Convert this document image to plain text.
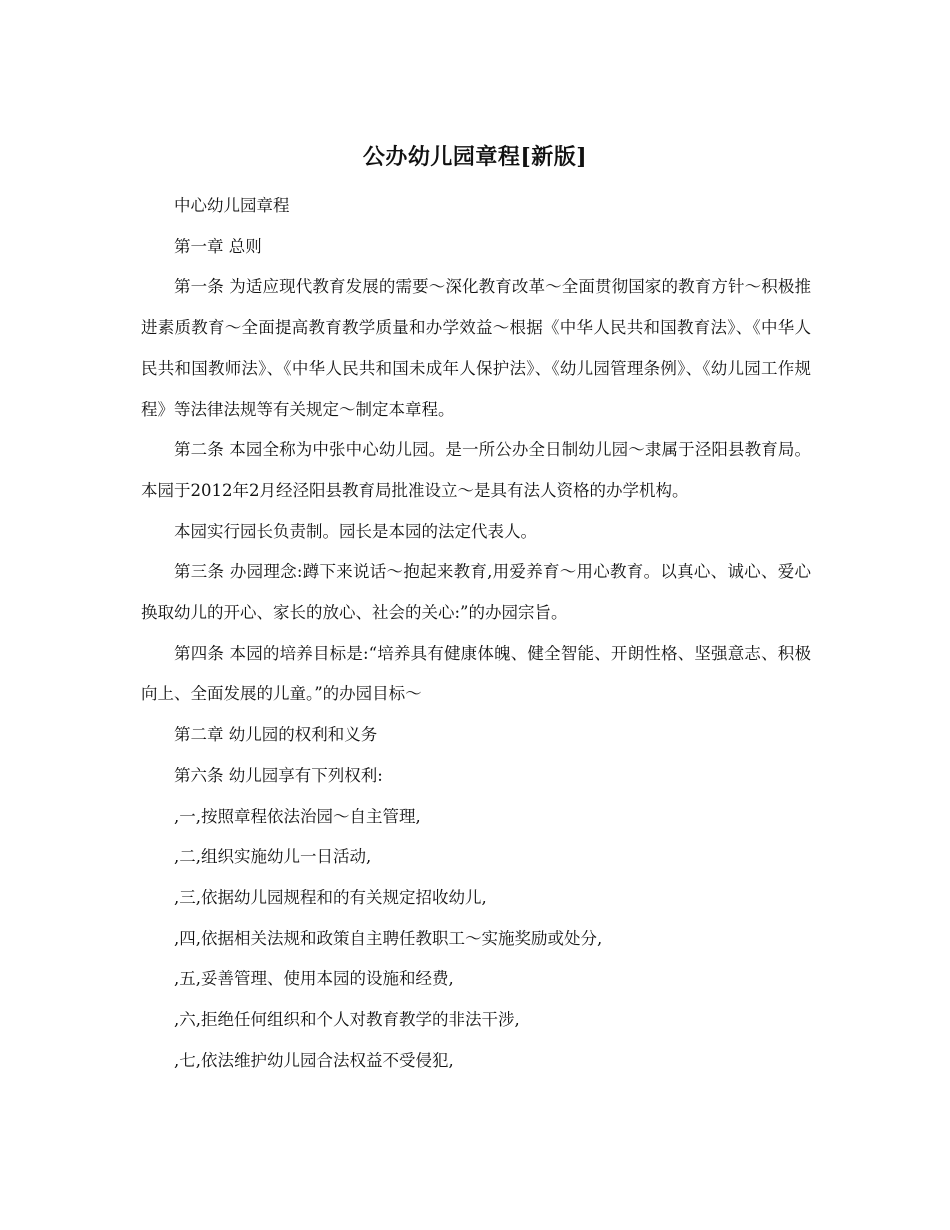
公办幼儿园章程[新版]

中心幼儿园章程

第一章 总则

第一条 为适应现代教育发展的需要～深化教育改革～全面贯彻国家的教育方针～积极推进素质教育～全面提高教育教学质量和办学效益～根据《中华人民共和国教育法》、《中华人民共和国教师法》、《中华人民共和国未成年人保护法》、《幼儿园管理条例》、《幼儿园工作规程》等法律法规等有关规定～制定本章程。

第二条 本园全称为中张中心幼儿园。是一所公办全日制幼儿园～隶属于泾阳县教育局。本园于2012年2月经泾阳县教育局批准设立～是具有法人资格的办学机构。

本园实行园长负责制。园长是本园的法定代表人。

第三条 办园理念:蹲下来说话～抱起来教育,用爱养育～用心教育。以真心、诚心、爱心换取幼儿的开心、家长的放心、社会的关心:”的办园宗旨。

第四条 本园的培养目标是:“培养具有健康体魄、健全智能、开朗性格、坚强意志、积极向上、全面发展的儿童。”的办园目标～

第二章 幼儿园的权利和义务

第六条 幼儿园享有下列权利:

,一,按照章程依法治园～自主管理,

,二,组织实施幼儿一日活动,

,三,依据幼儿园规程和的有关规定招收幼儿,

,四,依据相关法规和政策自主聘任教职工～实施奖励或处分,

,五,妥善管理、使用本园的设施和经费,

,六,拒绝任何组织和个人对教育教学的非法干涉,

,七,依法维护幼儿园合法权益不受侵犯,
